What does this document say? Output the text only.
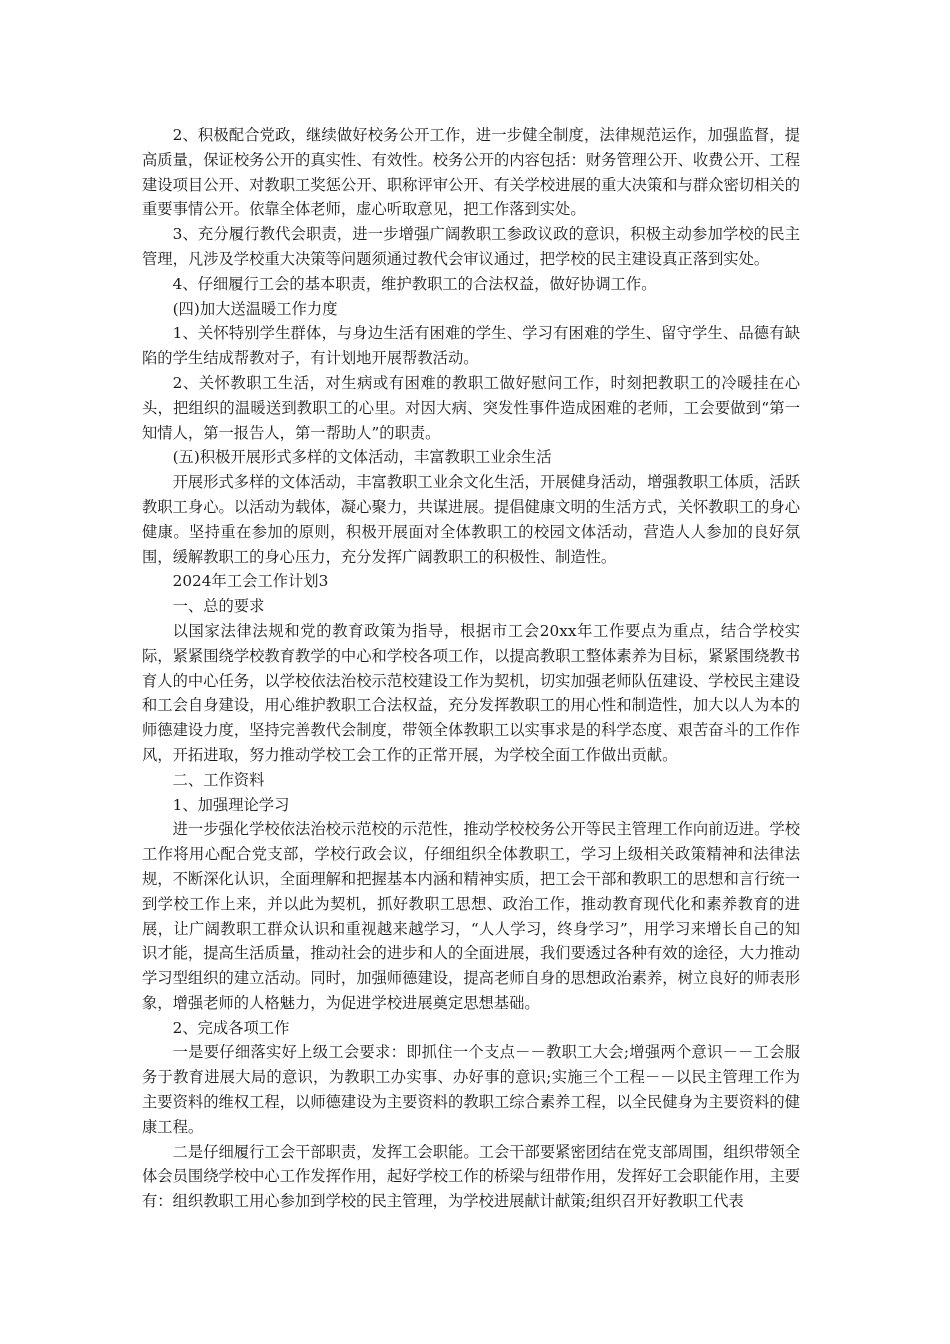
2、积极配合党政，继续做好校务公开工作，进一步健全制度，法律规范运作，加强监督，提高质量，保证校务公开的真实性、有效性。校务公开的内容包括：财务管理公开、收费公开、工程建设项目公开、对教职工奖惩公开、职称评审公开、有关学校进展的重大决策和与群众密切相关的重要事情公开。依靠全体老师，虚心听取意见，把工作落到实处。

3、充分履行教代会职责，进一步增强广阔教职工参政议政的意识，积极主动参加学校的民主管理，凡涉及学校重大决策等问题须通过教代会审议通过，把学校的民主建设真正落到实处。

4、仔细履行工会的基本职责，维护教职工的合法权益，做好协调工作。

(四)加大送温暖工作力度

1、关怀特别学生群体，与身边生活有困难的学生、学习有困难的学生、留守学生、品德有缺陷的学生结成帮教对子，有计划地开展帮教活动。

2、关怀教职工生活，对生病或有困难的教职工做好慰问工作，时刻把教职工的冷暖挂在心头，把组织的温暖送到教职工的心里。对因大病、突发性事件造成困难的老师，工会要做到“第一知情人，第一报告人，第一帮助人”的职责。

(五)积极开展形式多样的文体活动，丰富教职工业余生活

开展形式多样的文体活动，丰富教职工业余文化生活，开展健身活动，增强教职工体质，活跃教职工身心。以活动为载体，凝心聚力，共谋进展。提倡健康文明的生活方式，关怀教职工的身心健康。坚持重在参加的原则，积极开展面对全体教职工的校园文体活动，营造人人参加的良好氛围，缓解教职工的身心压力，充分发挥广阔教职工的积极性、制造性。

2024年工会工作计划3

一、总的要求

以国家法律法规和党的教育政策为指导，根据市工会20xx年工作要点为重点，结合学校实际，紧紧围绕学校教育教学的中心和学校各项工作，以提高教职工整体素养为目标，紧紧围绕教书育人的中心任务，以学校依法治校示范校建设工作为契机，切实加强老师队伍建设、学校民主建设和工会自身建设，用心维护教职工合法权益，充分发挥教职工的用心性和制造性，加大以人为本的师德建设力度，坚持完善教代会制度，带领全体教职工以实事求是的科学态度、艰苦奋斗的工作作风，开拓进取，努力推动学校工会工作的正常开展，为学校全面工作做出贡献。

二、工作资料

1、加强理论学习

进一步强化学校依法治校示范校的示范性，推动学校校务公开等民主管理工作向前迈进。学校工作将用心配合党支部，学校行政会议，仔细组织全体教职工，学习上级相关政策精神和法律法规，不断深化认识，全面理解和把握基本内涵和精神实质，把工会干部和教职工的思想和言行统一到学校工作上来，并以此为契机，抓好教职工思想、政治工作，推动教育现代化和素养教育的进展，让广阔教职工群众认识和重视越来越学习，“人人学习，终身学习”，用学习来增长自己的知识才能，提高生活质量，推动社会的进步和人的全面进展，我们要透过各种有效的途径，大力推动学习型组织的建立活动。同时，加强师德建设，提高老师自身的思想政治素养，树立良好的师表形象，增强老师的人格魅力，为促进学校进展奠定思想基础。

2、完成各项工作

一是要仔细落实好上级工会要求：即抓住一个支点－－教职工大会;增强两个意识－－工会服务于教育进展大局的意识，为教职工办实事、办好事的意识;实施三个工程－－以民主管理工作为主要资料的维权工程，以师德建设为主要资料的教职工综合素养工程，以全民健身为主要资料的健康工程。

二是仔细履行工会干部职责，发挥工会职能。工会干部要紧密团结在党支部周围，组织带领全体会员围绕学校中心工作发挥作用，起好学校工作的桥梁与纽带作用，发挥好工会职能作用，主要有：组织教职工用心参加到学校的民主管理，为学校进展献计献策;组织召开好教职工代表
